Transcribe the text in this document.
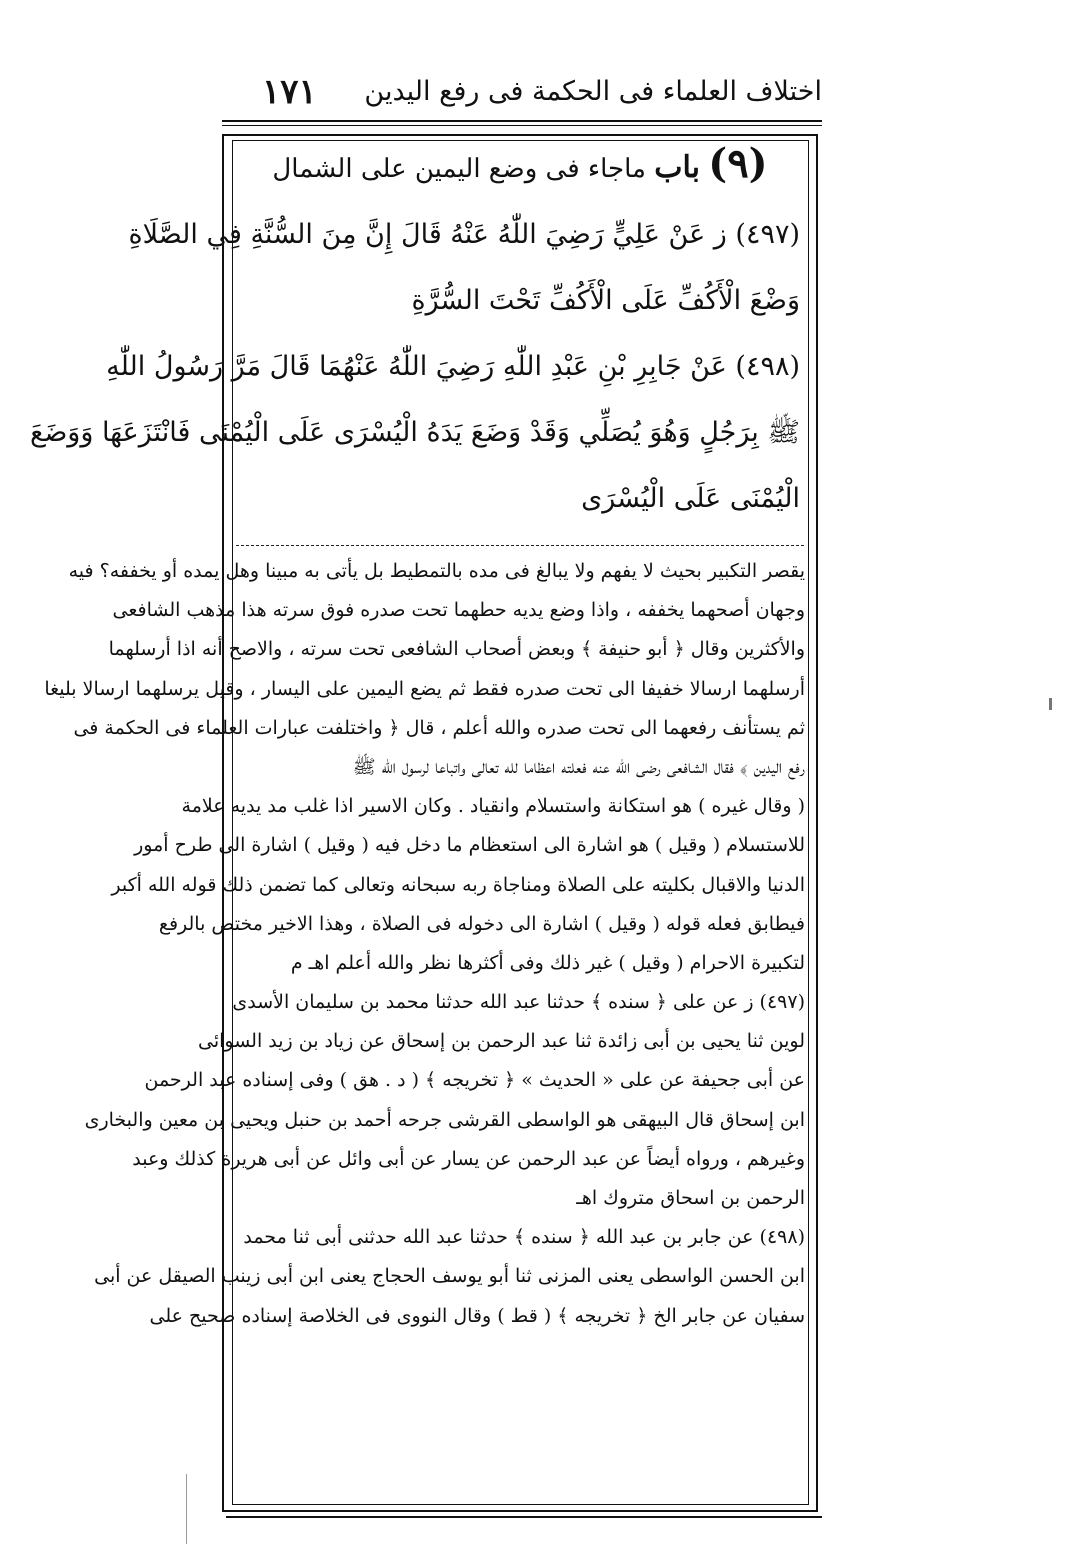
١٧١ اختلاف العلماء فى الحكمة فى رفع اليدين
(٩) باب ماجاء فى وضع اليمين على الشمال
(٤٩٧) ز عَنْ عَلِيٍّ رَضِيَ اللّٰهُ عَنْهُ قَالَ إِنَّ مِنَ السُّنَّةِ فِي الصَّلَاةِ
وَضْعَ الْأَكُفِّ عَلَى الْأَكُفِّ تَحْتَ السُّرَّةِ
(٤٩٨) عَنْ جَابِرِ بْنِ عَبْدِ اللّٰهِ رَضِيَ اللّٰهُ عَنْهُمَا قَالَ مَرَّ رَسُولُ اللّٰهِ
ﷺ بِرَجُلٍ وَهُوَ يُصَلِّي وَقَدْ وَضَعَ يَدَهُ الْيُسْرَى عَلَى الْيُمْنَى فَانْتَزَعَهَا وَوَضَعَ
الْيُمْنَى عَلَى الْيُسْرَى
يقصر التكبير بحيث لا يفهم ولا يبالغ فى مده بالتمطيط بل يأتى به مبينا وهل يمده أو يخففه؟ فيه
وجهان أصحهما يخففه ، واذا وضع يديه حطهما تحت صدره فوق سرته هذا مذهب الشافعى
والأكثرين وقال ﴿ أبو حنيفة ﴾ وبعض أصحاب الشافعى تحت سرته ، والاصح أنه اذا أرسلهما
أرسلهما ارسالا خفيفا الى تحت صدره فقط ثم يضع اليمين على اليسار ، وقيل يرسلهما ارسالا بليغا
ثم يستأنف رفعهما الى تحت صدره والله أعلم ، قال ﴿ واختلفت عبارات العلماء فى الحكمة فى
رفع اليدين ﴾ فقال الشافعى رضى الله عنه فعلته اعظاما لله تعالى واتباعا لرسول الله ﷺ
( وقال غيره ) هو استكانة واستسلام وانقياد . وكان الاسير اذا غلب مد يديه علامة
للاستسلام ( وقيل ) هو اشارة الى استعظام ما دخل فيه ( وقيل ) اشارة الى طرح أمور
الدنيا والاقبال بكليته على الصلاة ومناجاة ربه سبحانه وتعالى كما تضمن ذلك قوله الله أكبر
فيطابق فعله قوله ( وقيل ) اشارة الى دخوله فى الصلاة ، وهذا الاخير مختص بالرفع
لتكبيرة الاحرام ( وقيل ) غير ذلك وفى أكثرها نظر والله أعلم اهـ م
(٤٩٧) ز عن على ﴿ سنده ﴾ حدثنا عبد الله حدثنا محمد بن سليمان الأسدى
لوين ثنا يحيى بن أبى زائدة ثنا عبد الرحمن بن إسحاق عن زياد بن زيد السوائى
عن أبى جحيفة عن على « الحديث » ﴿ تخريجه ﴾ ( د . هق ) وفى إسناده عبد الرحمن
ابن إسحاق قال البيهقى هو الواسطى القرشى جرحه أحمد بن حنبل ويحيى بن معين والبخارى
وغيرهم ، ورواه أيضاً عن عبد الرحمن عن يسار عن أبى وائل عن أبى هريرة كذلك وعبد
الرحمن بن اسحاق متروك اهـ
(٤٩٨) عن جابر بن عبد الله ﴿ سنده ﴾ حدثنا عبد الله حدثنى أبى ثنا محمد
ابن الحسن الواسطى يعنى المزنى ثنا أبو يوسف الحجاج يعنى ابن أبى زينب الصيقل عن أبى
سفيان عن جابر الخ ﴿ تخريجه ﴾ ( قط ) وقال النووى فى الخلاصة إسناده صحيح على
